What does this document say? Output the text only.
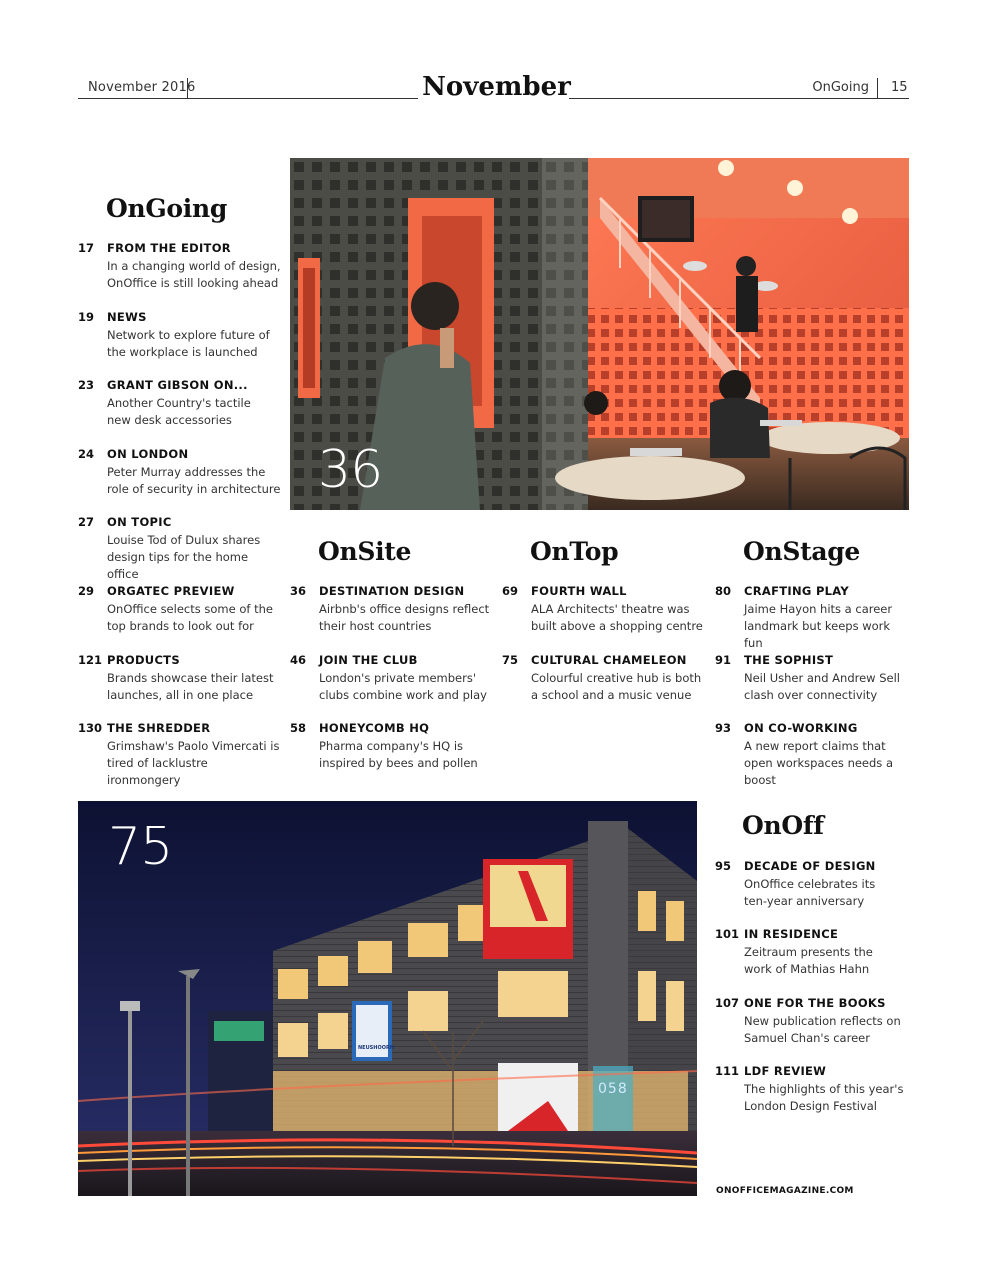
November 2016	November	OnGoing 15
OnGoing
17 FROM THE EDITOR
In a changing world of design, OnOffice is still looking ahead
19 NEWS
Network to explore future of the workplace is launched
23 GRANT GIBSON ON...
Another Country's tactile new desk accessories
24 ON LONDON
Peter Murray addresses the role of security in architecture
27 ON TOPIC
Louise Tod of Dulux shares design tips for the home office
29 ORGATEC PREVIEW
OnOffice selects some of the top brands to look out for
121 PRODUCTS
Brands showcase their latest launches, all in one place
130 THE SHREDDER
Grimshaw's Paolo Vimercati is tired of lacklustre ironmongery
36
OnSite
36 DESTINATION DESIGN
Airbnb's office designs reflect their host countries
46 JOIN THE CLUB
London's private members' clubs combine work and play
58 HONEYCOMB HQ
Pharma company's HQ is inspired by bees and pollen
OnTop
69 FOURTH WALL
ALA Architects' theatre was built above a shopping centre
75 CULTURAL CHAMELEON
Colourful creative hub is both a school and a music venue
OnStage
80 CRAFTING PLAY
Jaime Hayon hits a career landmark but keeps work fun
91 THE SOPHIST
Neil Usher and Andrew Sell clash over connectivity
93 ON CO-WORKING
A new report claims that open workspaces needs a boost
75
NEUSHOORN
058
OnOff
95 DECADE OF DESIGN
OnOffice celebrates its ten-year anniversary
101 IN RESIDENCE
Zeitraum presents the work of Mathias Hahn
107 ONE FOR THE BOOKS
New publication reflects on Samuel Chan's career
111 LDF REVIEW
The highlights of this year's London Design Festival
ONOFFICEMAGAZINE.COM
